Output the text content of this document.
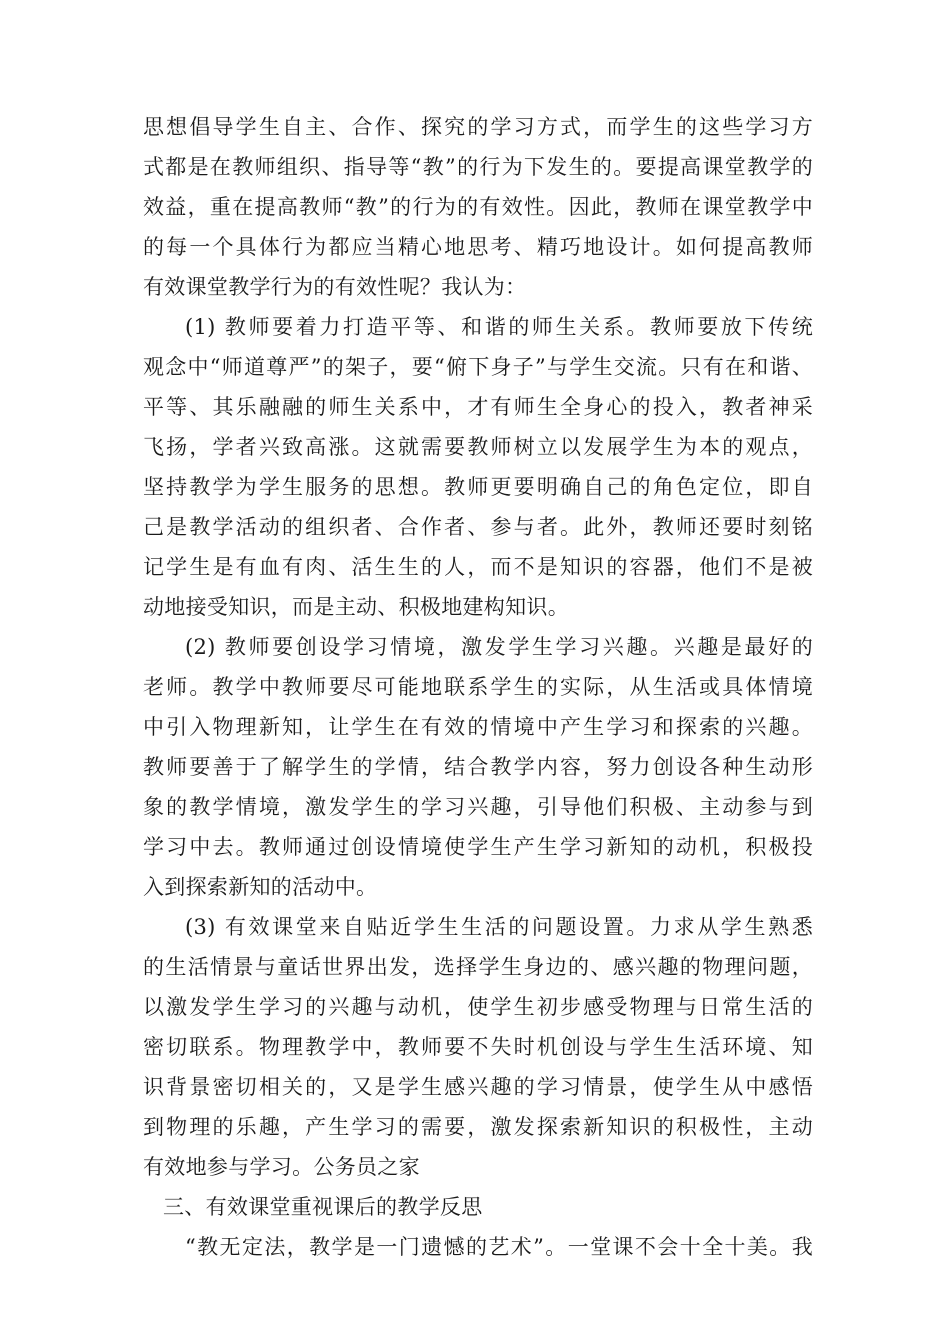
思想倡导学生自主、合作、探究的学习方式，而学生的这些学习方
式都是在教师组织、指导等“教”的行为下发生的。要提高课堂教学的
效益，重在提高教师“教”的行为的有效性。因此，教师在课堂教学中
的每一个具体行为都应当精心地思考、精巧地设计。如何提高教师
有效课堂教学行为的有效性呢？我认为：
(1) 教师要着力打造平等、和谐的师生关系。教师要放下传统
观念中“师道尊严”的架子，要“俯下身子”与学生交流。只有在和谐、
平等、其乐融融的师生关系中，才有师生全身心的投入，教者神采
飞扬，学者兴致高涨。这就需要教师树立以发展学生为本的观点，
坚持教学为学生服务的思想。教师更要明确自己的角色定位，即自
己是教学活动的组织者、合作者、参与者。此外，教师还要时刻铭
记学生是有血有肉、活生生的人，而不是知识的容器，他们不是被
动地接受知识，而是主动、积极地建构知识。
(2) 教师要创设学习情境，激发学生学习兴趣。兴趣是最好的
老师。教学中教师要尽可能地联系学生的实际，从生活或具体情境
中引入物理新知，让学生在有效的情境中产生学习和探索的兴趣。
教师要善于了解学生的学情，结合教学内容，努力创设各种生动形
象的教学情境，激发学生的学习兴趣，引导他们积极、主动参与到
学习中去。教师通过创设情境使学生产生学习新知的动机，积极投
入到探索新知的活动中。
(3) 有效课堂来自贴近学生生活的问题设置。力求从学生熟悉
的生活情景与童话世界出发，选择学生身边的、感兴趣的物理问题，
以激发学生学习的兴趣与动机，使学生初步感受物理与日常生活的
密切联系。物理教学中，教师要不失时机创设与学生生活环境、知
识背景密切相关的，又是学生感兴趣的学习情景，使学生从中感悟
到物理的乐趣，产生学习的需要，激发探索新知识的积极性，主动
有效地参与学习。公务员之家
三、有效课堂重视课后的教学反思
“教无定法，教学是一门遗憾的艺术”。一堂课不会十全十美。我
